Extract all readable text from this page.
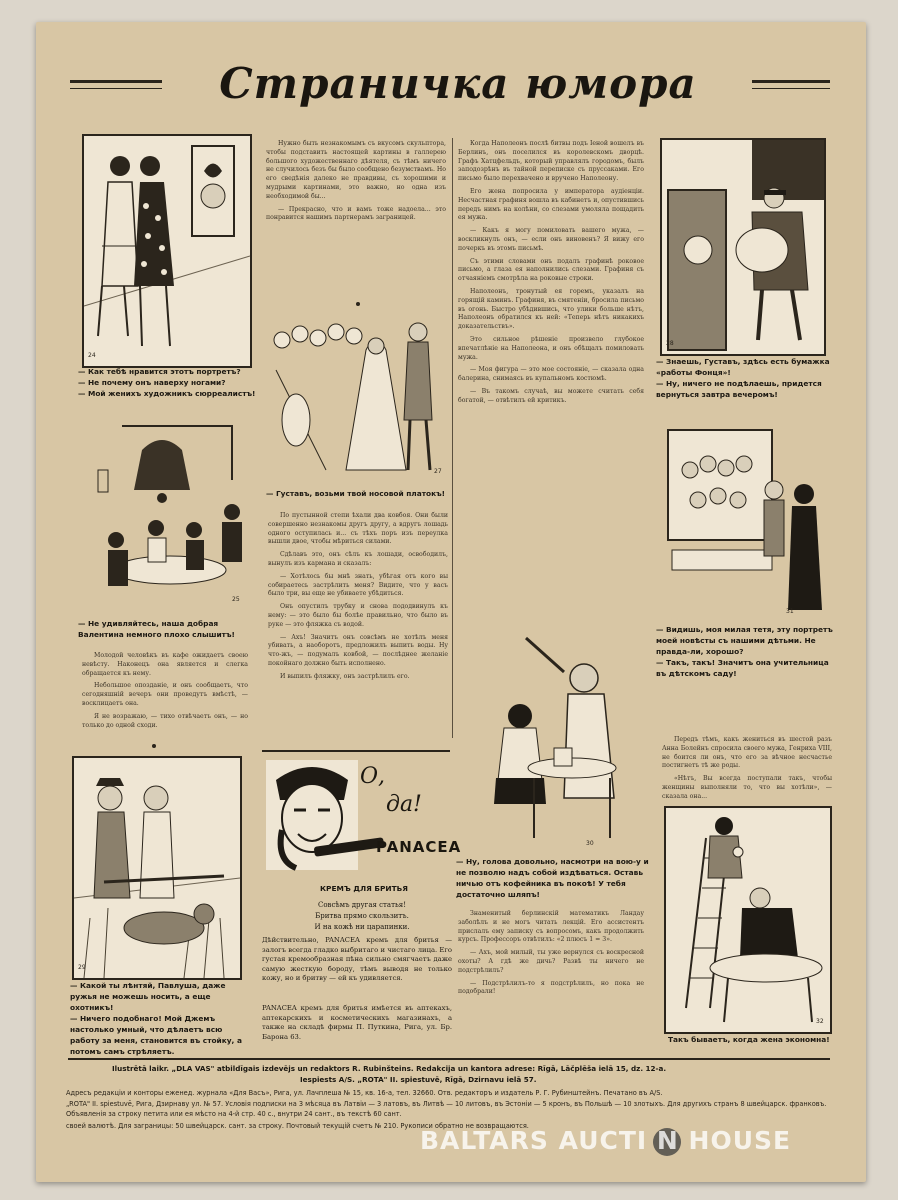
Страничка юмора
24
— Как тебѣ нравится этотъ портретъ?
— Не почему онъ наверху ногами?
— Мой женихъ художникъ сюрреалистъ!
25
— Не удивляйтесь, наша добрая Валентина немного плохо слышитъ!

Молодой человѣкъ въ кафе ожидаетъ своею невѣсту. Наконецъ она является и слегка обращается къ нему.

Небольшое опозданіе, и онъ сообщаетъ, что сегодняшній вечеръ они проведутъ вмѣстѣ, — восклицаетъ она.

Я не возражаю, — тихо отвѣчаетъ онъ, — но только до одной сходи.

29
— Какой ты лѣнтяй, Павлуша, даже ружья не можешь носить, а еще охотникъ!
— Ничего подобнаго! Мой Джемъ настолько умный, что дѣлаетъ всю работу за меня, становится въ стойку, а потомъ самъ стрѣляетъ.

Нужно быть незнакомымъ съ вкусомъ скульптора, чтобы подставить настоящей картины в галлерею большого художественнаго дѣятеля, съ тѣмъ ничего не случилось безъ бы было сообщено безумствамъ. Но его сведѣнія далеко не правдивы, съ хорошими и мудрыми картинами, это важно, но одна изъ необходимой бы...

— Прекрасно, что и вамъ тоже надоела... это понравится нашимъ партнерамъ заграницей.

27
— Густавъ, возьми твой носовой платокъ!

По пустынной степи ѣхали два ковбоя. Они были совершенно незнакомы другъ другу, а вдругъ лошадь одного оступилась и... съ тѣхъ поръ изъ переулка вышли двое, чтобы мѣриться силами.

Сдѣлавъ это, онъ сѣлъ къ лошади, освободилъ, вынулъ изъ кармана и сказалъ:

— Хотѣлось бы мнѣ знать, убѣгая отъ кого вы собираетесь застрѣлить меня? Видите, что у васъ было три, вы еще не убиваете убѣдиться.

Онъ опустилъ трубку и снова пододвинулъ къ нему: — это было бы болѣе правильно, что было въ руке — это фляжка съ водой.

— Ахъ! Значитъ онъ совсѣмъ не хотѣлъ меня убивать, а наоборотъ, предложилъ выпить воды. Ну что-жъ, — подумалъ ковбой, — послѣднее желаніе покойнаго должно быть исполнено.

И выпилъ фляжку, онъ застрѣлилъ его.

О,
да!
PANACEA
КРЕМЪ ДЛЯ БРИТЬЯ
Совсѣмъ другая статья!
Бритва прямо скользитъ.
И на кожѣ ни царапинки.
Дѣйствительно, PANACEA кремъ для бритья — залогъ всегда гладко выбритаго и чистаго лица. Его густая кремообразная пѣна сильно смягчаетъ даже самую жесткую бороду, тѣмъ выводя не только кожу, но и бритву — ей къ удивляется.
PANACEA кремъ для бритья имѣется въ аптекахъ, аптекарскихъ и косметическихъ магазинахъ, а также на складѣ фирмы П. Путкина, Рига, ул. Бр. Барона 63.

Когда Наполеонъ послѣ битвы подъ Іеной вошелъ въ Берлинъ, онъ поселился въ королевскомъ дворцѣ. Графъ Хатцфельдъ, который управлялъ городомъ, былъ заподозрѣнъ въ тайной переписке съ пруссаками. Его письмо было перехвачено и вручено Наполеону.

Его жена попросила у императора аудіенціи. Несчастная графиня вошла въ кабинетъ и, опустившись передъ нимъ на колѣни, со слезами умоляла пощадить ея мужа.

— Какъ я могу помиловать вашего мужа, — воскликнулъ онъ, — если онъ виновенъ? Я вижу его почеркъ въ этомъ письмѣ.

Съ этими словами онъ подалъ графинѣ роковое письмо, а глаза ея наполнились слезами. Графиня съ отчаяніемъ смотрѣла на роковые строки.

Наполеонъ, тронутый ея горемъ, указалъ на горящій каминъ. Графиня, въ смятеніи, бросила письмо въ огонь. Быстро убѣдившись, что улики больше нѣтъ, Наполеонъ обратился къ ней: «Теперь нѣтъ никакихъ доказательствъ».

Это сильное рѣшеніе произвело глубокое впечатлѣніе на Наполеона, и онъ обѣщалъ помиловать мужа.

— Моя фигура — это мое состояніе, — сказала одна балерина, снимаясь въ купальномъ костюмѣ.

— Въ такомъ случаѣ, вы можете считать себя богатой, — отвѣтилъ ей критикъ.

28
— Знаешь, Густавъ, здѣсь есть бумажка «работы Фонця»!
— Ну, ничего не подѣлаешь, придется вернуться завтра вечеромъ!
31
— Видишь, моя милая тетя, эту портретъ моей новѣсты съ нашими дѣтьми. Не правда-ли, хорошо?
— Такъ, такъ! Значитъ она учительница въ дѣтскомъ саду!

Передъ тѣмъ, какъ жениться въ шестой разъ Анна Болейнъ спросила своего мужа, Генриха VIII, не боится ли онъ, что его за вѣчное несчастье постигнетъ тѣ же роды.

«Нѣтъ, Вы всегда поступали такъ, чтобы женщины выполняли то, что вы хотѣли», — сказала она...

30
— Ну, голова довольно, насмотри на вою-у и не позволю надъ собой издѣваться. Оставь ничью отъ кофейника въ покоѣ! У тебя достаточно шляпъ!

Знаменитый берлинскій математикъ Ландау заболѣлъ и не могъ читать лекцій. Его ассистентъ прислалъ ему записку съ вопросомъ, какъ продолжить курсъ. Профессоръ отвѣтилъ: «2 плюсъ 1 = 3».

— Ахъ, мой милый, ты уже вернулся съ воскресной охоты? А гдѣ же дичь? Развѣ ты ничего не подстрѣлилъ?

— Подстрѣлилъ-то я подстрѣлилъ, но пока не подобрали!

32
Такъ бываетъ, когда жена экономна!
Ilustrētā laikr. „DLA VAS" atbildīgais izdevējs un redaktors R. Rubinšteins. Redakcija un kantora adrese: Rīgā, Lāčplēša ielā 15, dz. 12-a.
Iespiests A/S. „ROTA" II. spiestuvē, Rīgā, Dzirnavu ielā 57.
Адресъ редакціи и конторы еженед. журнала «Для Васъ», Рига, ул. Лачплеша № 15, кв. 16-а, тел. 32660. Отв. редакторъ и издатель Р. Г. Рубинштейнъ. Печатано въ А/S.
„ROTA" II. spiestuvē, Рига, Дзирнаву ул. № 57. Условія подписки на 3 мѣсяца въ Латвіи — 3 латовъ, въ Литвѣ — 10 литовъ, въ Эстоніи — 5 кронъ, въ Польшѣ — 10 злотыхъ. Для другихъ странъ 8 швейцарск. франковъ. Объявленія за строку петита или ея мѣсто на 4-й стр. 40 с., внутри 24 сант., въ текстѣ 60 сант.
своей валютѣ. Для заграницы: 50 швейцарск. сант. за строку. Почтовый текущій счетъ № 210. Рукописи обратно не возвращаются.
BALTARS AUCTI N HOUSE
